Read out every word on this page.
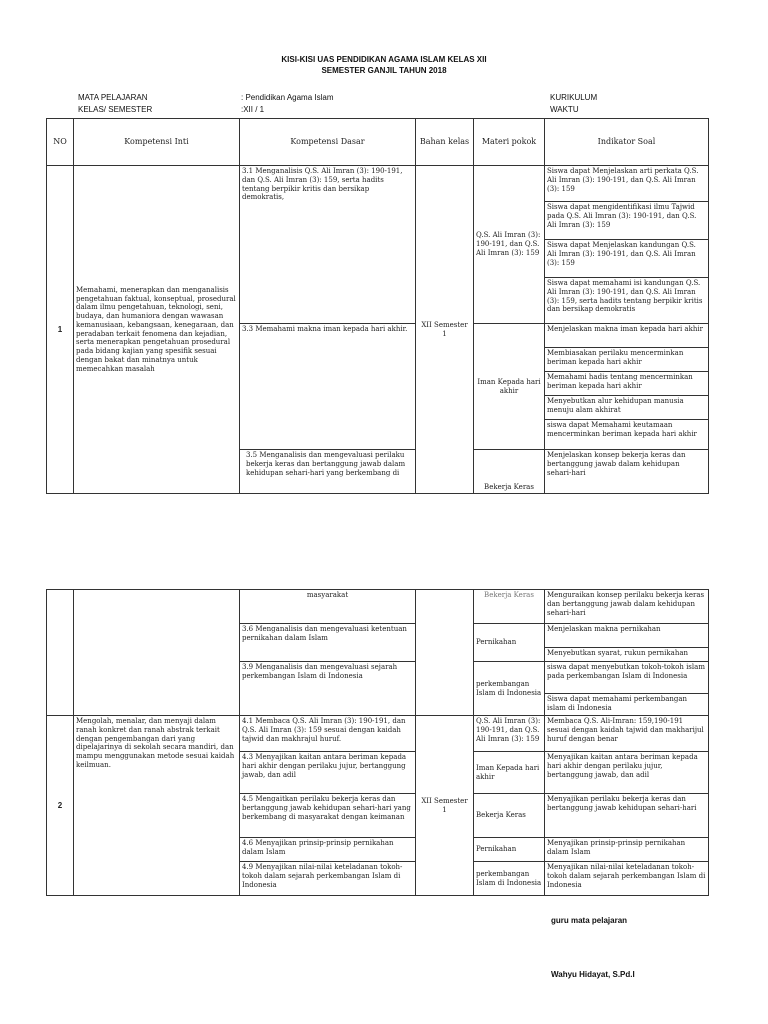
KISI-KISI UAS PENDIDIKAN AGAMA ISLAM KELAS XII
SEMESTER GANJIL TAHUN 2018
MATA PELAJARAN	: Pendidikan Agama Islam	KURIKULUM
KELAS/ SEMESTER	:XII / 1	WAKTU
NO	Kompetensi Inti	Kompetensi Dasar	Bahan kelas	Materi pokok	Indikator Soal
1	Memahami, menerapkan dan menganalisis pengetahuan faktual, konseptual, prosedural dalam ilmu pengetahuan, teknologi, seni, budaya, dan humaniora dengan wawasan kemanusiaan, kebangsaan, kenegaraan, dan peradaban terkait fenomena dan kejadian, serta menerapkan pengetahuan prosedural pada bidang kajian yang spesifik sesuai dengan bakat dan minatnya untuk memecahkan masalah	3.1 Menganalisis Q.S. Ali Imran (3): 190-191, dan Q.S. Ali Imran (3): 159, serta hadits tentang berpikir kritis dan bersikap demokratis,	XII Semester 1	Q.S. Ali Imran (3): 190-191, dan Q.S. Ali Imran (3): 159	Siswa dapat Menjelaskan arti perkata Q.S. Ali Imran (3): 190-191, dan Q.S. Ali Imran (3): 159
					Siswa dapat mengidentifikasi ilmu Tajwid pada Q.S. Ali Imran (3): 190-191, dan Q.S. Ali Imran (3): 159
					Siswa dapat Menjelaskan kandungan Q.S. Ali Imran (3): 190-191, dan Q.S. Ali Imran (3): 159
					Siswa dapat memahami isi kandungan Q.S. Ali Imran (3): 190-191, dan Q.S. Ali Imran (3): 159, serta hadits tentang berpikir kritis dan bersikap demokratis
		3.3 Memahami makna iman kepada hari akhir.		Iman Kepada hari akhir	Menjelaskan makna iman kepada hari akhir
					Membiasakan perilaku mencerminkan beriman kepada hari akhir
					Memahami hadis tentang mencerminkan beriman kepada hari akhir
					Menyebutkan alur kehidupan manusia menuju alam akhirat
					siswa dapat Memahami keutamaan mencerminkan beriman kepada hari akhir
		3.5 Menganalisis dan mengevaluasi perilaku bekerja keras dan bertanggung jawab dalam kehidupan sehari-hari yang berkembang di		Bekerja Keras	Menjelaskan konsep bekerja keras dan bertanggung jawab dalam kehidupan sehari-hari
		masyarakat		Bekerja Keras	Menguraikan konsep perilaku bekerja keras dan bertanggung jawab dalam kehidupan sehari-hari
		3.6 Menganalisis dan mengevaluasi ketentuan pernikahan dalam Islam		Pernikahan	Menjelaskan makna pernikahan
					Menyebutkan syarat, rukun pernikahan
		3.9 Menganalisis dan mengevaluasi sejarah perkembangan Islam di Indonesia		perkembangan Islam di Indonesia	siswa dapat menyebutkan tokoh-tokoh islam pada perkembangan Islam di Indonesia
					Siswa dapat memahami perkembangan islam di Indonesia

2	Mengolah, menalar, dan menyaji dalam ranah konkret dan ranah abstrak terkait dengan pengembangan dari yang dipelajarinya di sekolah secara mandiri, dan mampu menggunakan metode sesuai kaidah keilmuan.	4.1 Membaca Q.S. Ali Imran (3): 190-191, dan Q.S. Ali Imran (3): 159 sesuai dengan kaidah tajwid dan makhrajul huruf.	XII Semester 1	Q.S. Ali Imran (3): 190-191, dan Q.S. Ali Imran (3): 159	Membaca Q.S. Ali-Imran: 159,190-191 sesuai dengan kaidah tajwid dan makharijul huruf dengan benar
		4.3 Menyajikan kaitan antara beriman kepada hari akhir dengan perilaku jujur, bertanggung jawab, dan adil		Iman Kepada hari akhir	Menyajikan kaitan antara beriman kepada hari akhir dengan perilaku jujur, bertanggung jawab, dan adil
		4.5 Mengaitkan perilaku bekerja keras dan bertanggung jawab kehidupan sehari-hari yang berkembang di masyarakat dengan keimanan		Bekerja Keras	Menyajikan perilaku bekerja keras dan bertanggung jawab kehidupan sehari-hari
		4.6 Menyajikan prinsip-prinsip pernikahan dalam Islam		Pernikahan	Menyajikan prinsip-prinsip pernikahan dalam Islam
		4.9 Menyajikan nilai-nilai keteladanan tokoh-tokoh dalam sejarah perkembangan Islam di Indonesia		perkembangan Islam di Indonesia	Menyajikan nilai-nilai keteladanan tokoh-tokoh dalam sejarah perkembangan Islam di Indonesia
guru mata pelajaran
Wahyu Hidayat, S.Pd.I
